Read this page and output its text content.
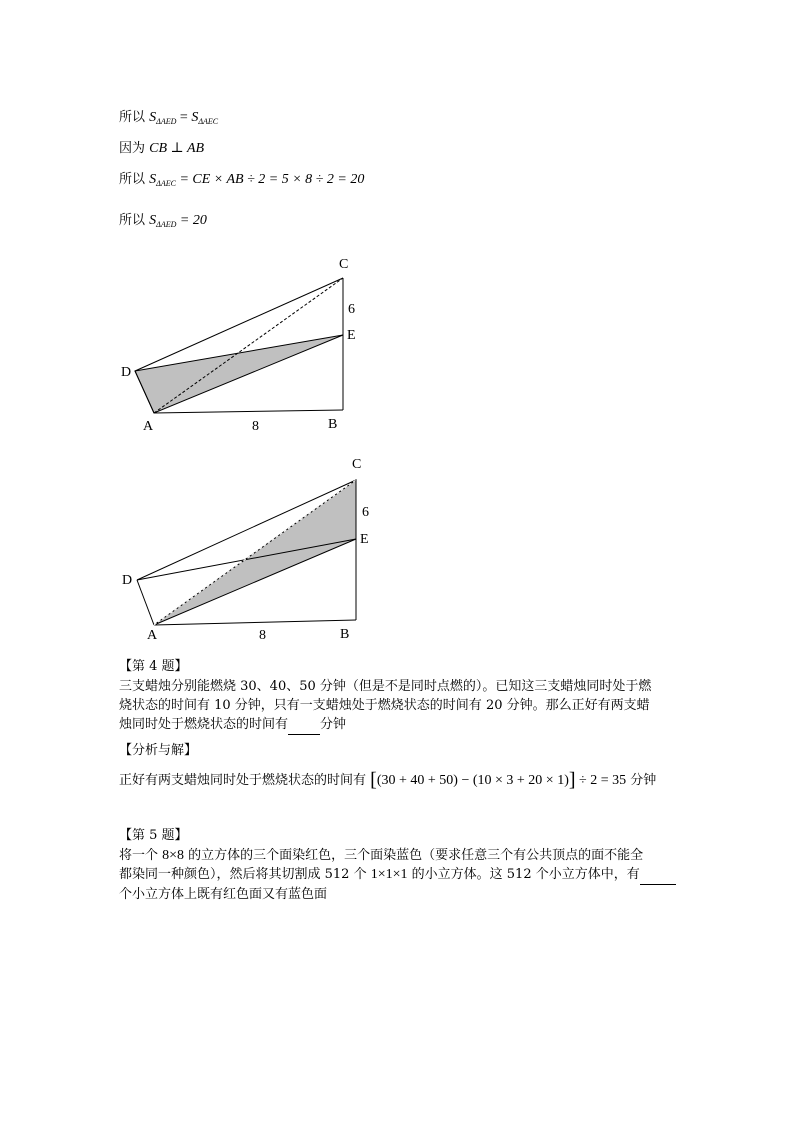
所以 $S_{\Delta AED} = S_{\Delta AEC}$
因为 CB ⊥ AB
所以 $S_{\Delta AEC}$ = CE × AB ÷ 2 = 5 × 8 ÷ 2 = 20
所以 $S_{\Delta AED} = 20$
C
6
E
D
A	8	B
C
6
E
D
A	8	B
【第 4 题】
三支蜡烛分别能燃烧 30、40、50 分钟（但是不是同时点燃的）。已知这三支蜡烛同时处于燃
烧状态的时间有 10 分钟，只有一支蜡烛处于燃烧状态的时间有 20 分钟。那么正好有两支蜡
烛同时处于燃烧状态的时间有 分钟
【分析与解】
正好有两支蜡烛同时处于燃烧状态的时间有 [(30 + 40 + 50) − (10 × 3 + 20 × 1)] ÷ 2 = 35 分钟
【第 5 题】
将一个 8×8 的立方体的三个面染红色，三个面染蓝色（要求任意三个有公共顶点的面不能全
都染同一种颜色），然后将其切割成 512 个 1×1×1 的小立方体。这 512 个小立方体中，有
个小立方体上既有红色面又有蓝色面
